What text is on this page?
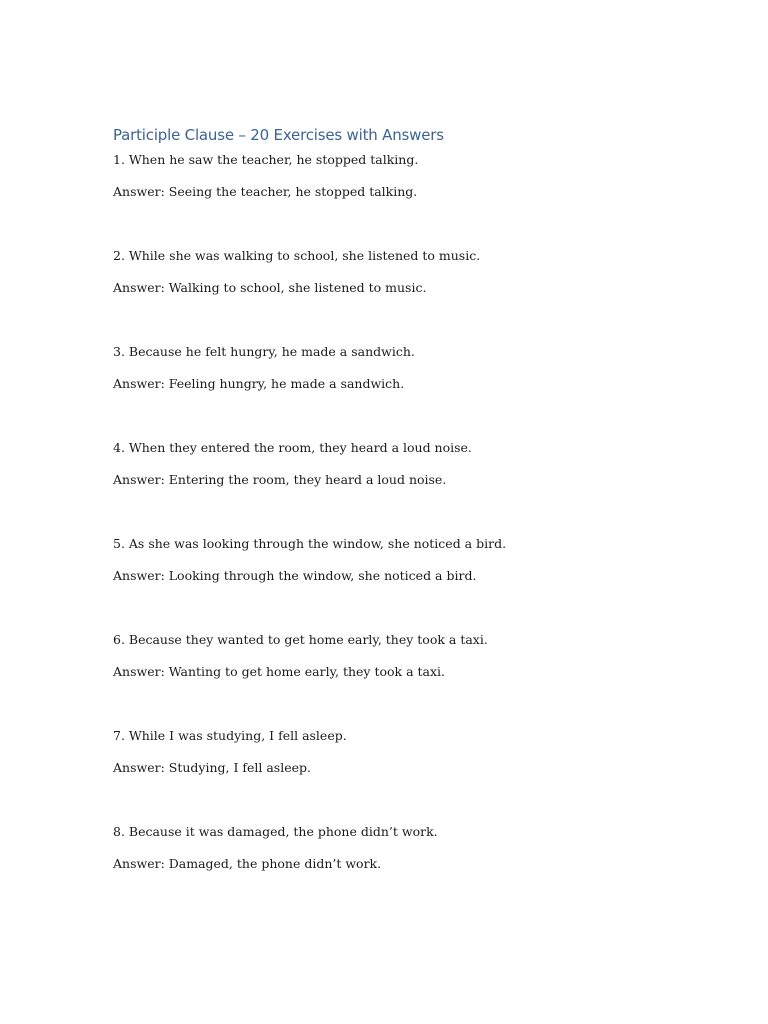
Participle Clause – 20 Exercises with Answers

1. When he saw the teacher, he stopped talking.

Answer: Seeing the teacher, he stopped talking.

2. While she was walking to school, she listened to music.

Answer: Walking to school, she listened to music.

3. Because he felt hungry, he made a sandwich.

Answer: Feeling hungry, he made a sandwich.

4. When they entered the room, they heard a loud noise.

Answer: Entering the room, they heard a loud noise.

5. As she was looking through the window, she noticed a bird.

Answer: Looking through the window, she noticed a bird.

6. Because they wanted to get home early, they took a taxi.

Answer: Wanting to get home early, they took a taxi.

7. While I was studying, I fell asleep.

Answer: Studying, I fell asleep.

8. Because it was damaged, the phone didn’t work.

Answer: Damaged, the phone didn’t work.
